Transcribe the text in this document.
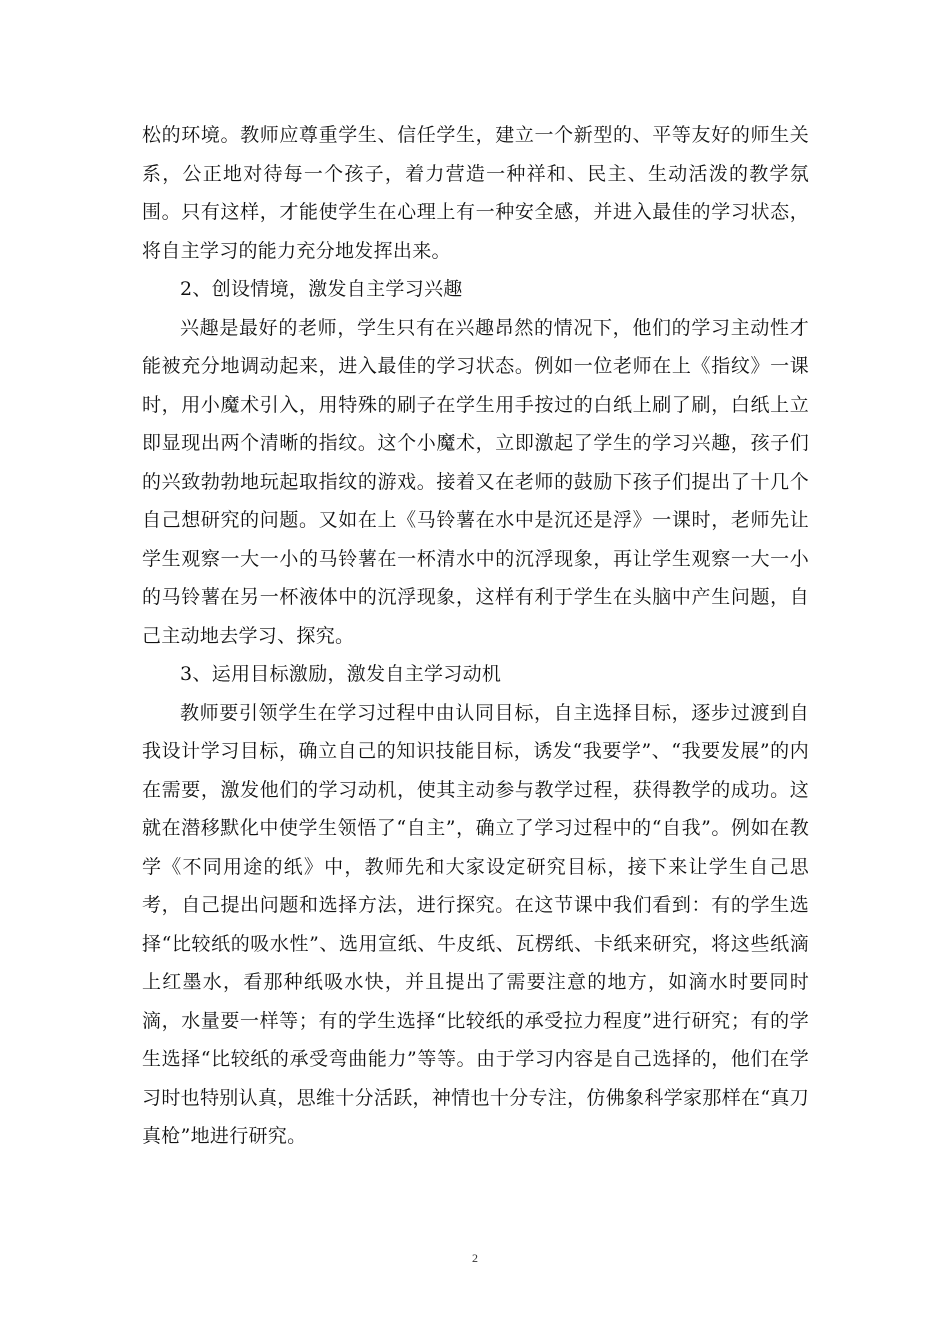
松的环境。教师应尊重学生、信任学生，建立一个新型的、平等友好的师生关系，公正地对待每一个孩子，着力营造一种祥和、民主、生动活泼的教学氛围。只有这样，才能使学生在心理上有一种安全感，并进入最佳的学习状态，将自主学习的能力充分地发挥出来。

2、创设情境，激发自主学习兴趣

兴趣是最好的老师，学生只有在兴趣昂然的情况下，他们的学习主动性才能被充分地调动起来，进入最佳的学习状态。例如一位老师在上《指纹》一课时，用小魔术引入，用特殊的刷子在学生用手按过的白纸上刷了刷，白纸上立即显现出两个清晰的指纹。这个小魔术，立即激起了学生的学习兴趣，孩子们的兴致勃勃地玩起取指纹的游戏。接着又在老师的鼓励下孩子们提出了十几个自己想研究的问题。又如在上《马铃薯在水中是沉还是浮》一课时，老师先让学生观察一大一小的马铃薯在一杯清水中的沉浮现象，再让学生观察一大一小的马铃薯在另一杯液体中的沉浮现象，这样有利于学生在头脑中产生问题，自己主动地去学习、探究。

3、运用目标激励，激发自主学习动机

教师要引领学生在学习过程中由认同目标，自主选择目标，逐步过渡到自我设计学习目标，确立自己的知识技能目标，诱发“我要学”、“我要发展”的内在需要，激发他们的学习动机，使其主动参与教学过程，获得教学的成功。这就在潜移默化中使学生领悟了“自主”，确立了学习过程中的“自我”。例如在教学《不同用途的纸》中，教师先和大家设定研究目标，接下来让学生自己思考，自己提出问题和选择方法，进行探究。在这节课中我们看到：有的学生选择“比较纸的吸水性”、选用宣纸、牛皮纸、瓦楞纸、卡纸来研究，将这些纸滴上红墨水，看那种纸吸水快，并且提出了需要注意的地方，如滴水时要同时滴，水量要一样等；有的学生选择“比较纸的承受拉力程度”进行研究；有的学生选择“比较纸的承受弯曲能力”等等。由于学习内容是自己选择的，他们在学习时也特别认真，思维十分活跃，神情也十分专注，仿佛象科学家那样在“真刀真枪”地进行研究。

2
